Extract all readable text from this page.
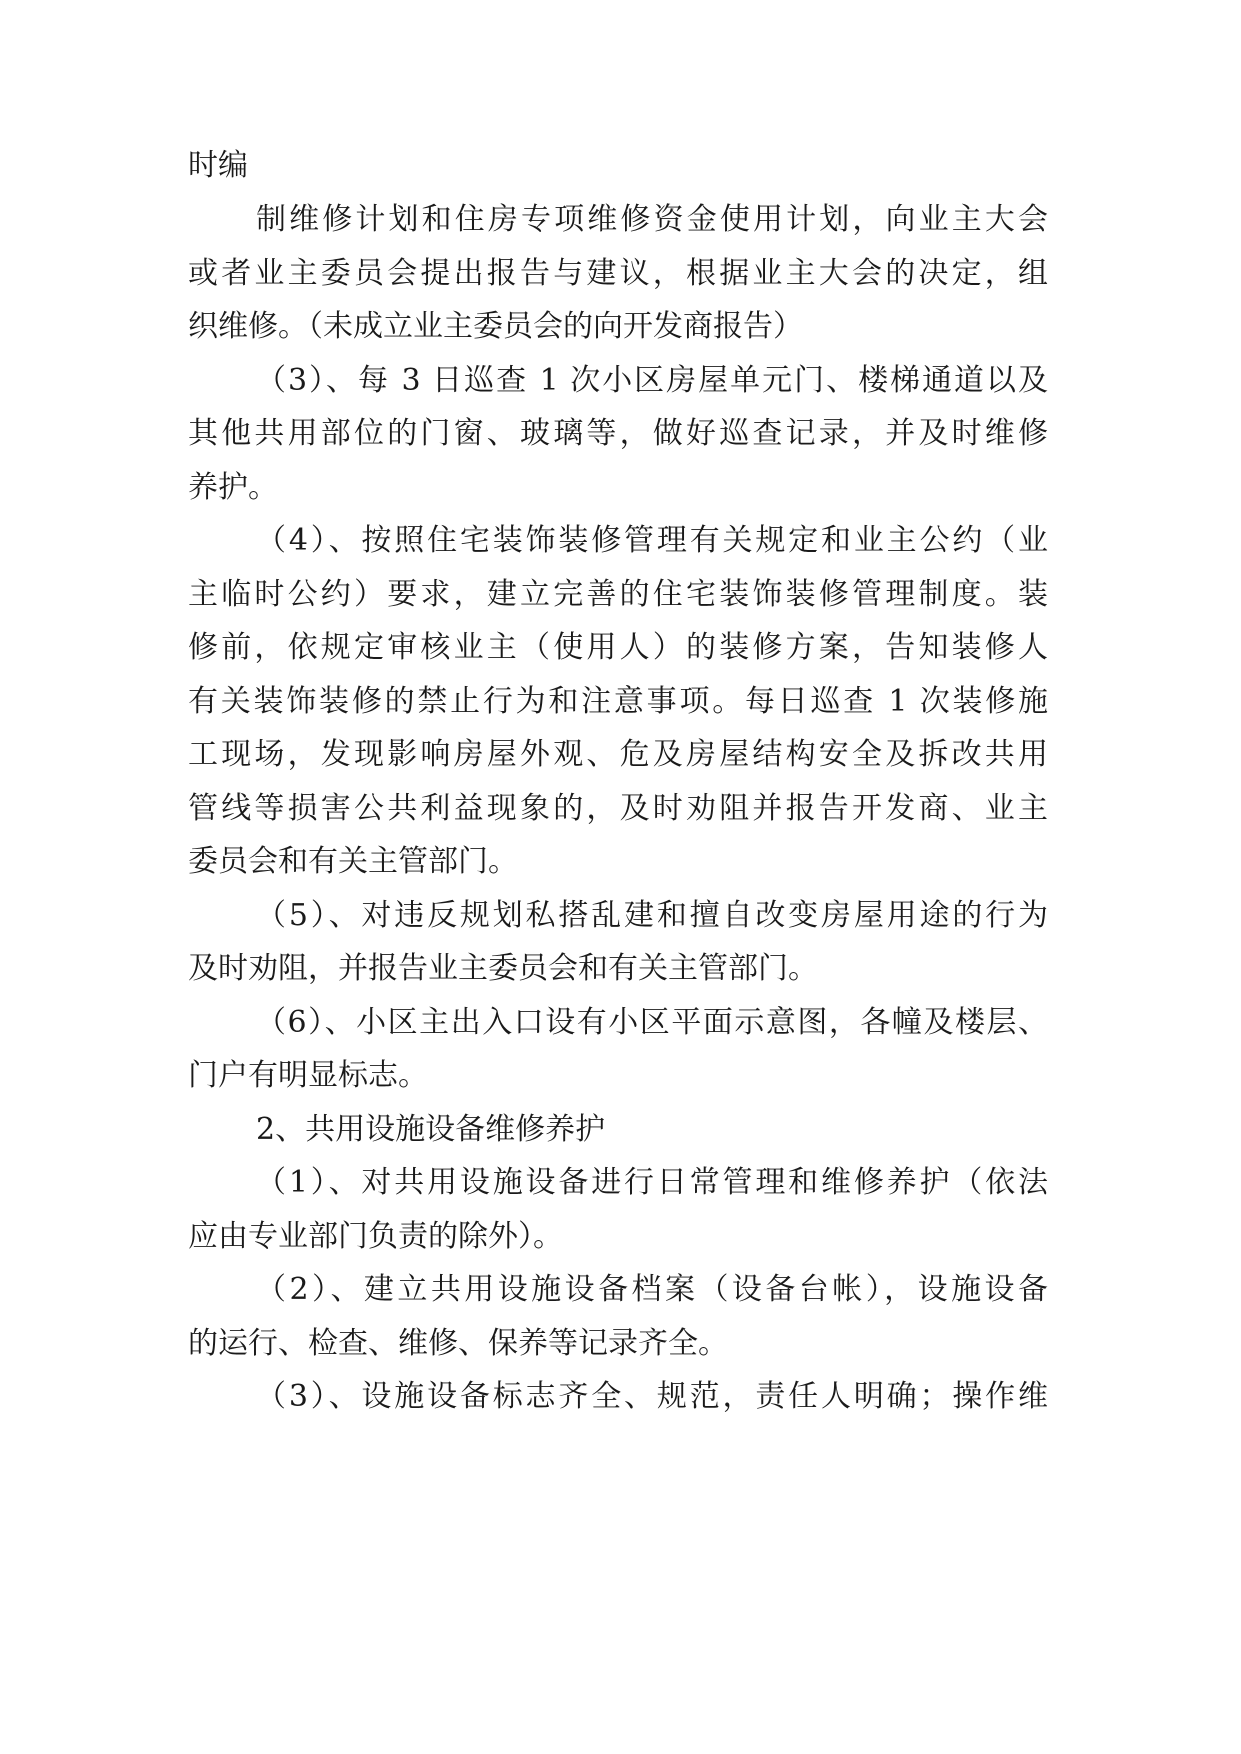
时编
制维修计划和住房专项维修资金使用计划，向业主大会
或者业主委员会提出报告与建议，根据业主大会的决定，组
织维修。（未成立业主委员会的向开发商报告）
（3）、每 3 日巡查 1 次小区房屋单元门、楼梯通道以及
其他共用部位的门窗、玻璃等，做好巡查记录，并及时维修
养护。
（4）、按照住宅装饰装修管理有关规定和业主公约（业
主临时公约）要求，建立完善的住宅装饰装修管理制度。装
修前，依规定审核业主（使用人）的装修方案，告知装修人
有关装饰装修的禁止行为和注意事项。每日巡查 1 次装修施
工现场，发现影响房屋外观、危及房屋结构安全及拆改共用
管线等损害公共利益现象的，及时劝阻并报告开发商、业主
委员会和有关主管部门。
（5）、对违反规划私搭乱建和擅自改变房屋用途的行为
及时劝阻，并报告业主委员会和有关主管部门。
（6）、小区主出入口设有小区平面示意图，各幢及楼层、
门户有明显标志。
2、共用设施设备维修养护
（1）、对共用设施设备进行日常管理和维修养护（依法
应由专业部门负责的除外）。
（2）、建立共用设施设备档案（设备台帐），设施设备
的运行、检查、维修、保养等记录齐全。
（3）、设施设备标志齐全、规范，责任人明确；操作维
